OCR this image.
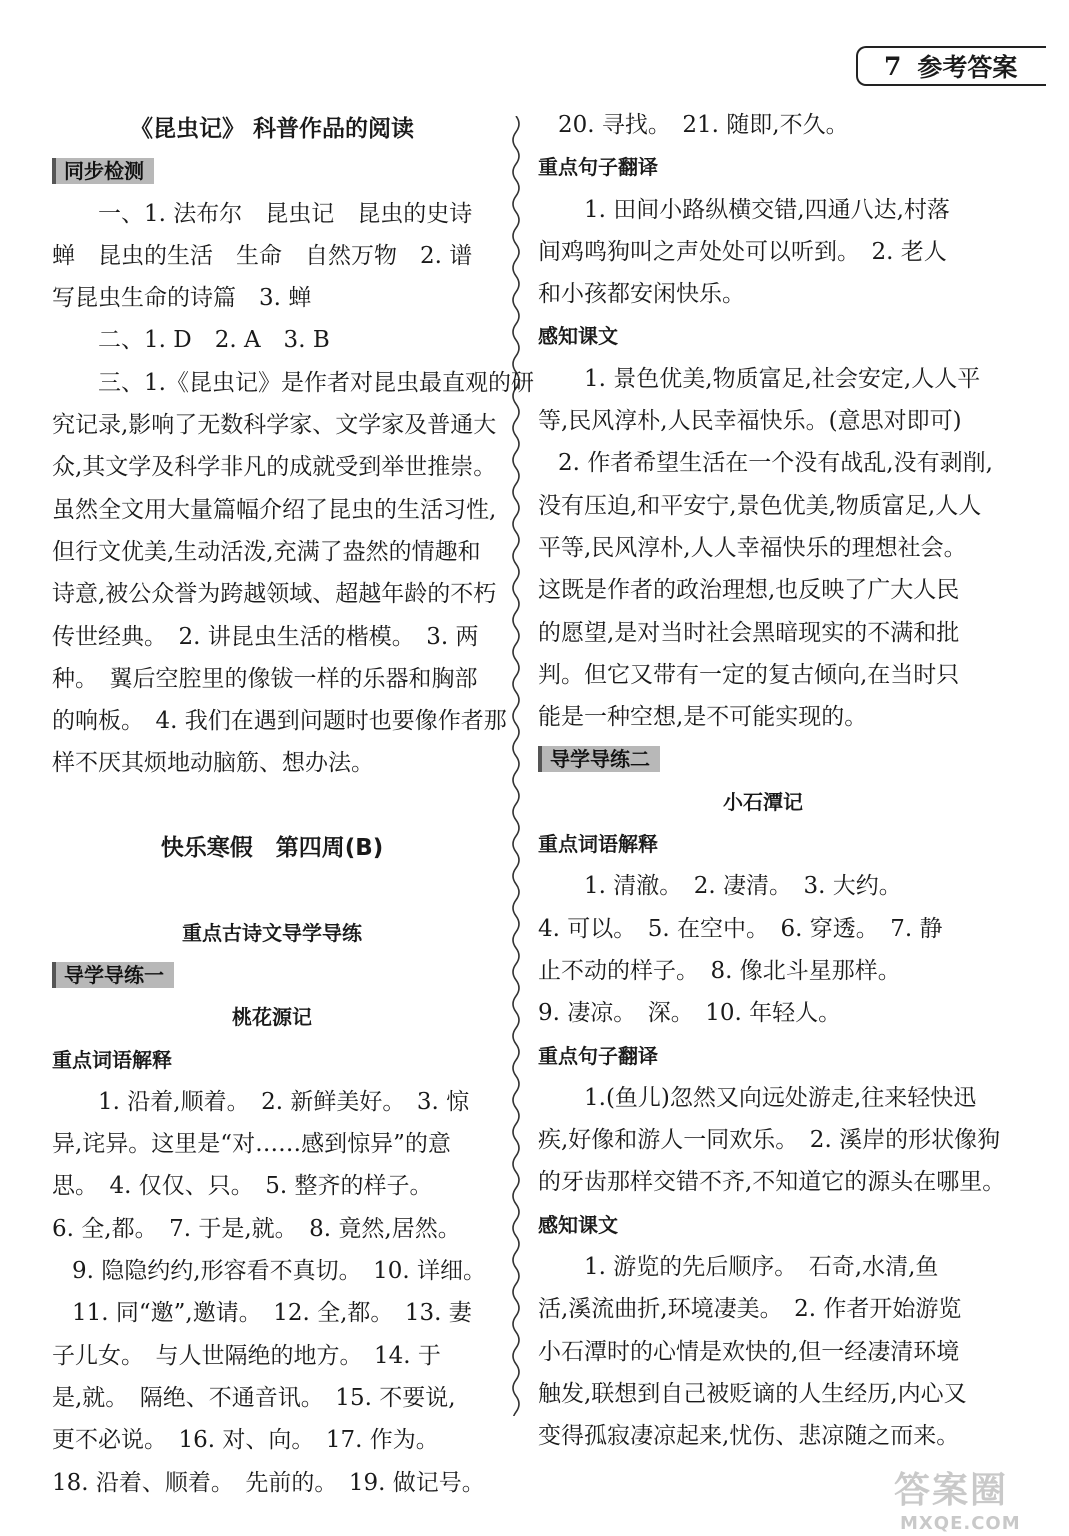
7 参考答案
《昆虫记》 科普作品的阅读
同步检测
一、1. 法布尔　昆虫记　昆虫的史诗
蝉　昆虫的生活　生命　自然万物　2. 谱
写昆虫生命的诗篇　3. 蝉
二、1. D　2. A　3. B
三、1.《昆虫记》是作者对昆虫最直观的研
究记录,影响了无数科学家、文学家及普通大
众,其文学及科学非凡的成就受到举世推崇。
虽然全文用大量篇幅介绍了昆虫的生活习性,
但行文优美,生动活泼,充满了盎然的情趣和
诗意,被公众誉为跨越领域、超越年龄的不朽
传世经典。　2. 讲昆虫生活的楷模。　3. 两
种。　翼后空腔里的像钹一样的乐器和胸部
的响板。　4. 我们在遇到问题时也要像作者那
样不厌其烦地动脑筋、想办法。
快乐寒假　第四周(B)
重点古诗文导学导练
导学导练一
桃花源记
重点词语解释
1. 沿着,顺着。　2. 新鲜美好。　3. 惊
异,诧异。这里是“对……感到惊异”的意
思。　4. 仅仅、只。　5. 整齐的样子。
6. 全,都。　7. 于是,就。　8. 竟然,居然。
9. 隐隐约约,形容看不真切。　10. 详细。
11. 同“邀”,邀请。　12. 全,都。　13. 妻
子儿女。　与人世隔绝的地方。　14. 于
是,就。　隔绝、不通音讯。　15. 不要说,
更不必说。　16. 对、向。　17. 作为。
18. 沿着、顺着。　先前的。　19. 做记号。
20. 寻找。　21. 随即,不久。
重点句子翻译
1. 田间小路纵横交错,四通八达,村落
间鸡鸣狗叫之声处处可以听到。　2. 老人
和小孩都安闲快乐。
感知课文
1. 景色优美,物质富足,社会安定,人人平
等,民风淳朴,人民幸福快乐。(意思对即可)
2. 作者希望生活在一个没有战乱,没有剥削,
没有压迫,和平安宁,景色优美,物质富足,人人
平等,民风淳朴,人人幸福快乐的理想社会。
这既是作者的政治理想,也反映了广大人民
的愿望,是对当时社会黑暗现实的不满和批
判。但它又带有一定的复古倾向,在当时只
能是一种空想,是不可能实现的。
导学导练二
小石潭记
重点词语解释
1. 清澈。　2. 凄清。　3. 大约。
4. 可以。　5. 在空中。　6. 穿透。　7. 静
止不动的样子。　8. 像北斗星那样。
9. 凄凉。　深。　10. 年轻人。
重点句子翻译
1.(鱼儿)忽然又向远处游走,往来轻快迅
疾,好像和游人一同欢乐。　2. 溪岸的形状像狗
的牙齿那样交错不齐,不知道它的源头在哪里。
感知课文
1. 游览的先后顺序。　石奇,水清,鱼
活,溪流曲折,环境凄美。　2. 作者开始游览
小石潭时的心情是欢快的,但一经凄清环境
触发,联想到自己被贬谪的人生经历,内心又
变得孤寂凄凉起来,忧伤、悲凉随之而来。
答案圈
MXQE.COM
